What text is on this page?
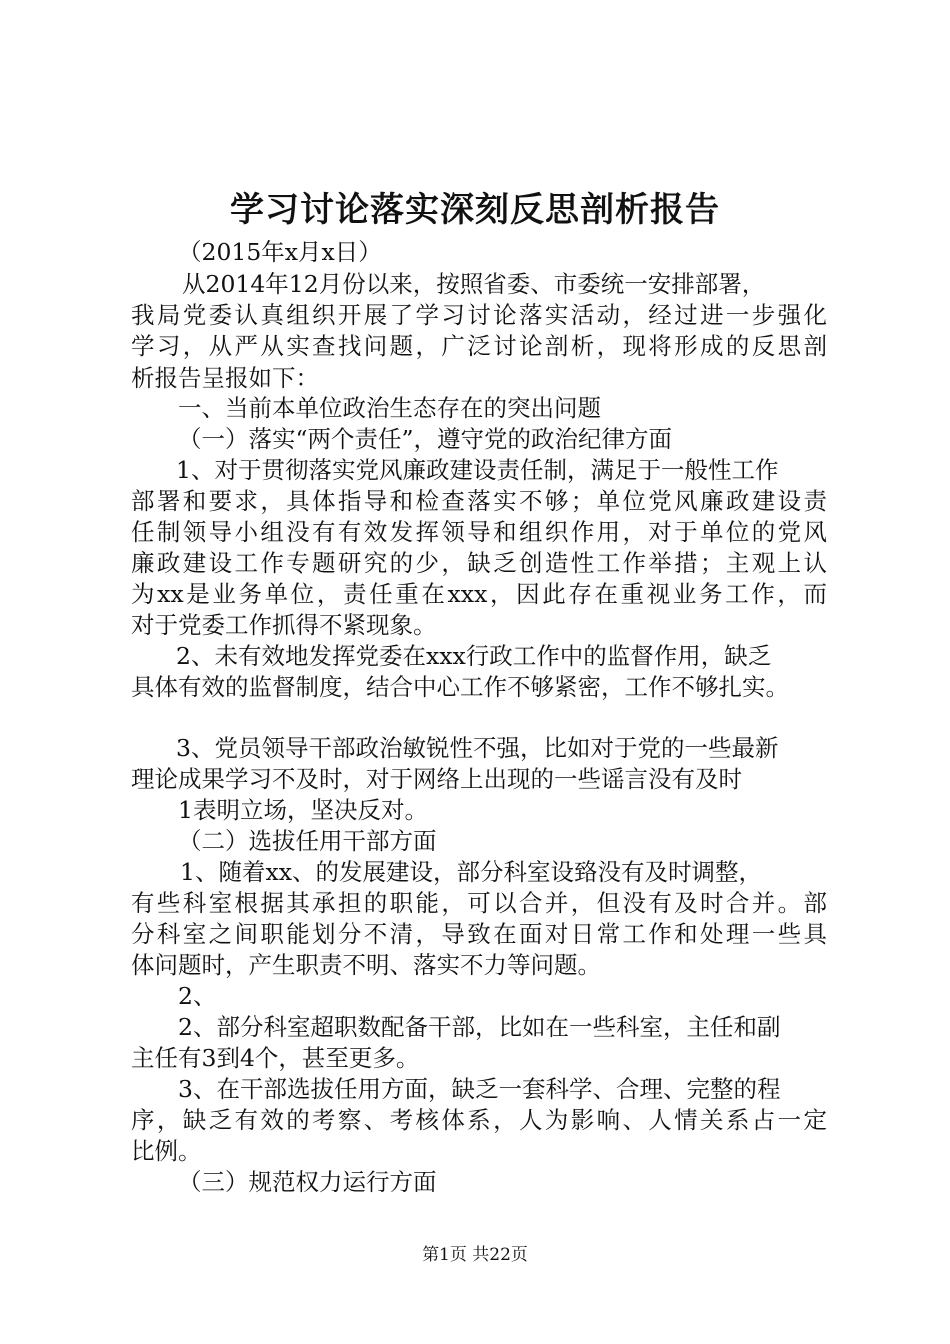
学习讨论落实深刻反思剖析报告
（2015年x月x日）
从2014年12月份以来，按照省委、市委统一安排部署，
我局党委认真组织开展了学习讨论落实活动，经过进一步强化
学习，从严从实查找问题，广泛讨论剖析，现将形成的反思剖
析报告呈报如下：
一、当前本单位政治生态存在的突出问题
（一）落实“两个责任”，遵守党的政治纪律方面
1、对于贯彻落实党风廉政建设责任制，满足于一般性工作
部署和要求，具体指导和检查落实不够；单位党风廉政建设责
任制领导小组没有有效发挥领导和组织作用，对于单位的党风
廉政建设工作专题研究的少，缺乏创造性工作举措；主观上认
为xx是业务单位，责任重在xxx，因此存在重视业务工作，而
对于党委工作抓得不紧现象。
2、未有效地发挥党委在xxx行政工作中的监督作用，缺乏
具体有效的监督制度，结合中心工作不够紧密，工作不够扎实。
3、党员领导干部政治敏锐性不强，比如对于党的一些最新
理论成果学习不及时，对于网络上出现的一些谣言没有及时
1表明立场，坚决反对。
（二）选拔任用干部方面
1、随着xx、的发展建设，部分科室设臵没有及时调整，
有些科室根据其承担的职能，可以合并，但没有及时合并。部
分科室之间职能划分不清，导致在面对日常工作和处理一些具
体问题时，产生职责不明、落实不力等问题。
2、
2、部分科室超职数配备干部，比如在一些科室，主任和副
主任有3到4个，甚至更多。
3、在干部选拔任用方面，缺乏一套科学、合理、完整的程
序，缺乏有效的考察、考核体系，人为影响、人情关系占一定
比例。
（三）规范权力运行方面
第1页 共22页
